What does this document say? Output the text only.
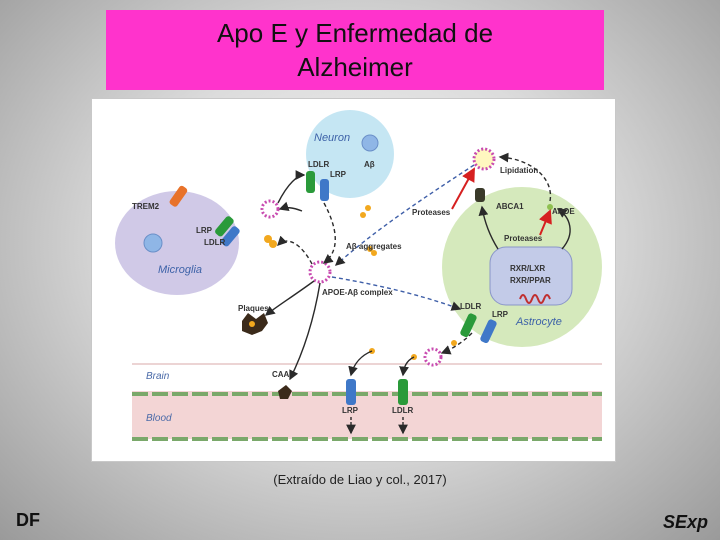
Apo E y Enfermedad de Alzheimer
Neuron
LDLR
LRP
Aβ
TREM2
LRP
LDLR
Microglia
Aβ aggregates
APOE-Aβ complex
Plaques
CAA
Lipidation
Proteases
ABCA1
APOE
Proteases
RXR/LXR
RXR/PPAR
LDLR
LRP
Astrocyte
Brain
Blood
LRP	LDLR
(Extraído de Liao y col., 2017)
DF	SExp
